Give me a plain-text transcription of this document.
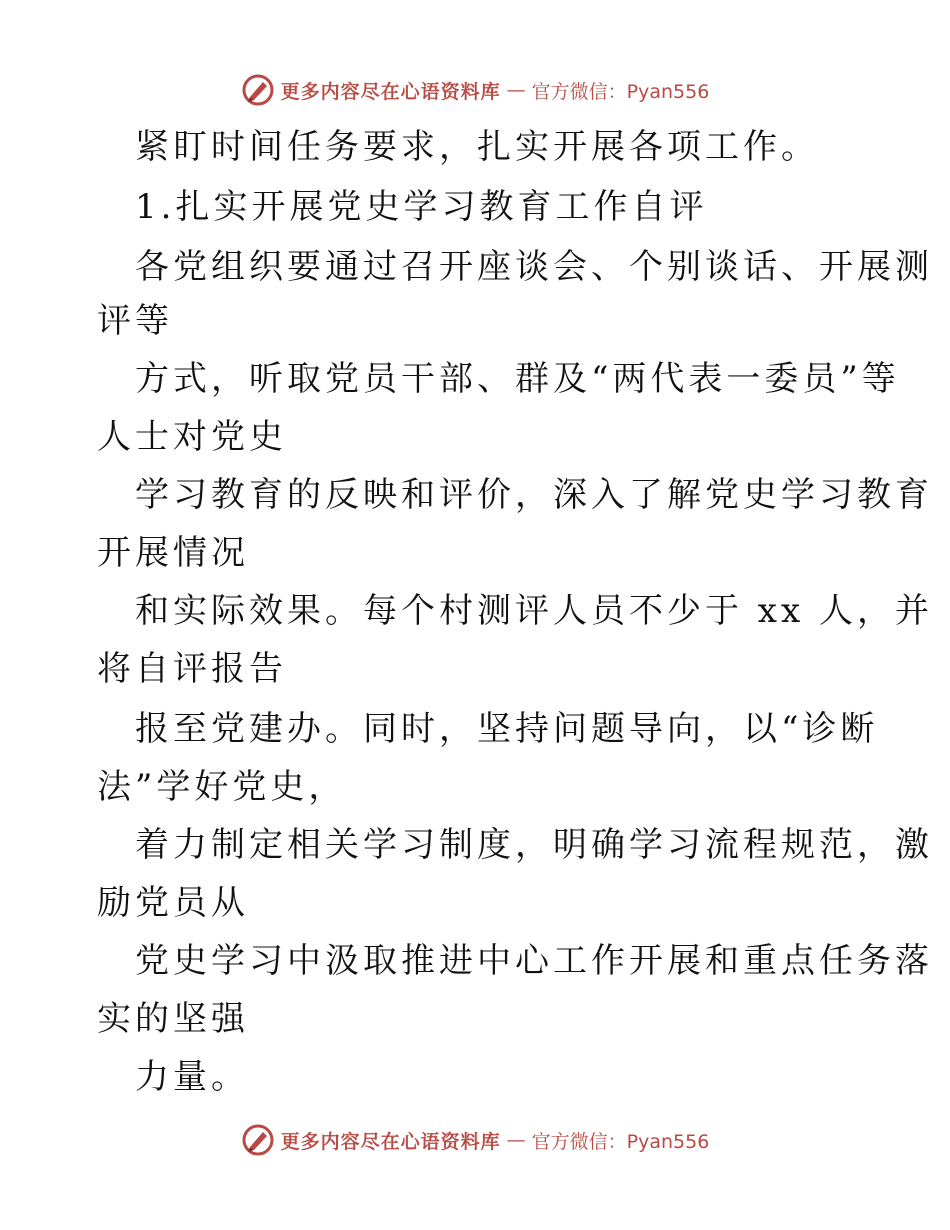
更多内容尽在心语资料库 — 官方微信：Pyan556
紧盯时间任务要求，扎实开展各项工作。
1.扎实开展党史学习教育工作自评
各党组织要通过召开座谈会、个别谈话、开展测
评等
方式，听取党员干部、群及“两代表一委员”等
人士对党史
学习教育的反映和评价，深入了解党史学习教育
开展情况
和实际效果。每个村测评人员不少于 xx 人，并
将自评报告
报至党建办。同时，坚持问题导向，以“诊断
法”学好党史，
着力制定相关学习制度，明确学习流程规范，激
励党员从
党史学习中汲取推进中心工作开展和重点任务落
实的坚强
力量。
更多内容尽在心语资料库 — 官方微信：Pyan556
